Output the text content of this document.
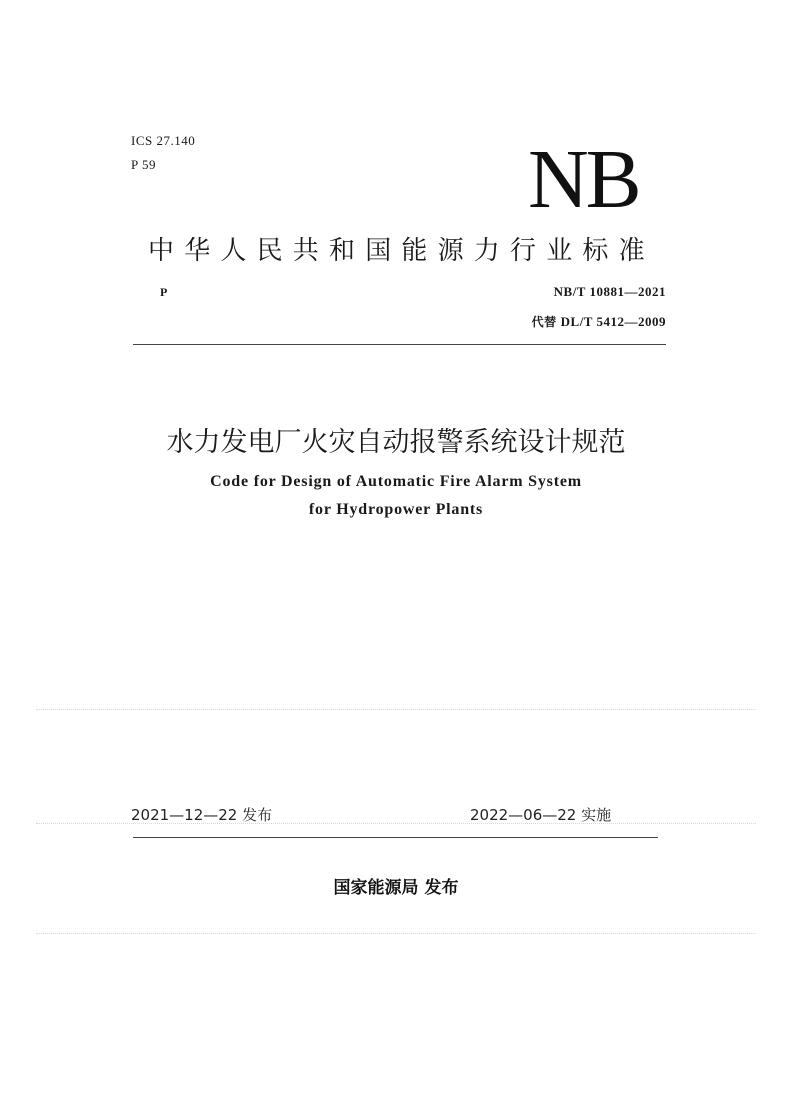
ICS 27.140
P 59	NB
中华人民共和国能源力行业标准
P	NB/T 10881—2021
代替 DL/T 5412—2009
水力发电厂火灾自动报警系统设计规范
Code for Design of Automatic Fire Alarm System
for Hydropower Plants
2021—12—22 发布	2022—06—22 实施
国家能源局 发布
